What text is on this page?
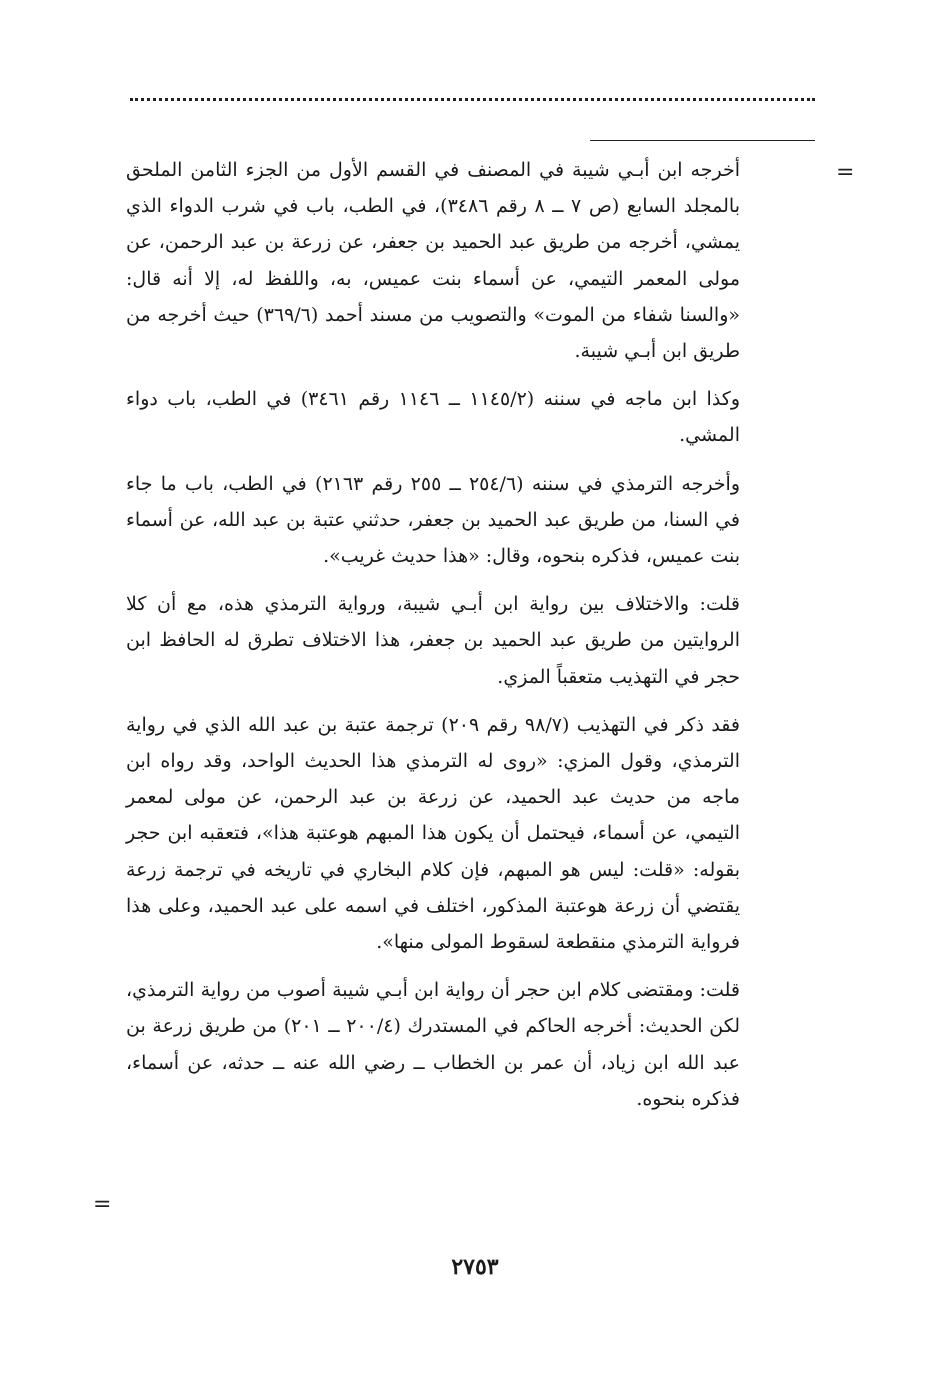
=

أخرجه ابن أبـي شيبة في المصنف في القسم الأول من الجزء الثامن الملحق بالمجلد السابع (ص ٧ ــ ٨ رقم ٣٤٨٦)، في الطب، باب في شرب الدواء الذي يمشي، أخرجه من طريق عبد الحميد بن جعفر، عن زرعة بن عبد الرحمن، عن مولى المعمر التيمي، عن أسماء بنت عميس، به، واللفظ له، إلا أنه قال: «والسنا شفاء من الموت» والتصويب من مسند أحمد (٣٦٩/٦) حيث أخرجه من طريق ابن أبـي شيبة.

وكذا ابن ماجه في سننه (١١٤٥/٢ ــ ١١٤٦ رقم ٣٤٦١) في الطب، باب دواء المشي.

وأخرجه الترمذي في سننه (٢٥٤/٦ ــ ٢٥٥ رقم ٢١٦٣) في الطب، باب ما جاء في السنا، من طريق عبد الحميد بن جعفر، حدثني عتبة بن عبد الله، عن أسماء بنت عميس، فذكره بنحوه، وقال: «هذا حديث غريب».

قلت: والاختلاف بين رواية ابن أبـي شيبة، ورواية الترمذي هذه، مع أن كلا الروايتين من طريق عبد الحميد بن جعفر، هذا الاختلاف تطرق له الحافظ ابن حجر في التهذيب متعقباً المزي.

فقد ذكر في التهذيب (٩٨/٧ رقم ٢٠٩) ترجمة عتبة بن عبد الله الذي في رواية الترمذي، وقول المزي: «روى له الترمذي هذا الحديث الواحد، وقد رواه ابن ماجه من حديث عبد الحميد، عن زرعة بن عبد الرحمن، عن مولى لمعمر التيمي، عن أسماء، فيحتمل أن يكون هذا المبهم هوعتبة هذا»، فتعقبه ابن حجر بقوله: «قلت: ليس هو المبهم، فإن كلام البخاري في تاريخه في ترجمة زرعة يقتضي أن زرعة هوعتبة المذكور، اختلف في اسمه على عبد الحميد، وعلى هذا فرواية الترمذي منقطعة لسقوط المولى منها».

قلت: ومقتضى كلام ابن حجر أن رواية ابن أبـي شيبة أصوب من رواية الترمذي، لكن الحديث: أخرجه الحاكم في المستدرك (٢٠٠/٤ ــ ٢٠١) من طريق زرعة بن عبد الله ابن زياد، أن عمر بن الخطاب ــ رضي الله عنه ــ حدثه، عن أسماء، فذكره بنحوه.

=
٢٧٥٣
